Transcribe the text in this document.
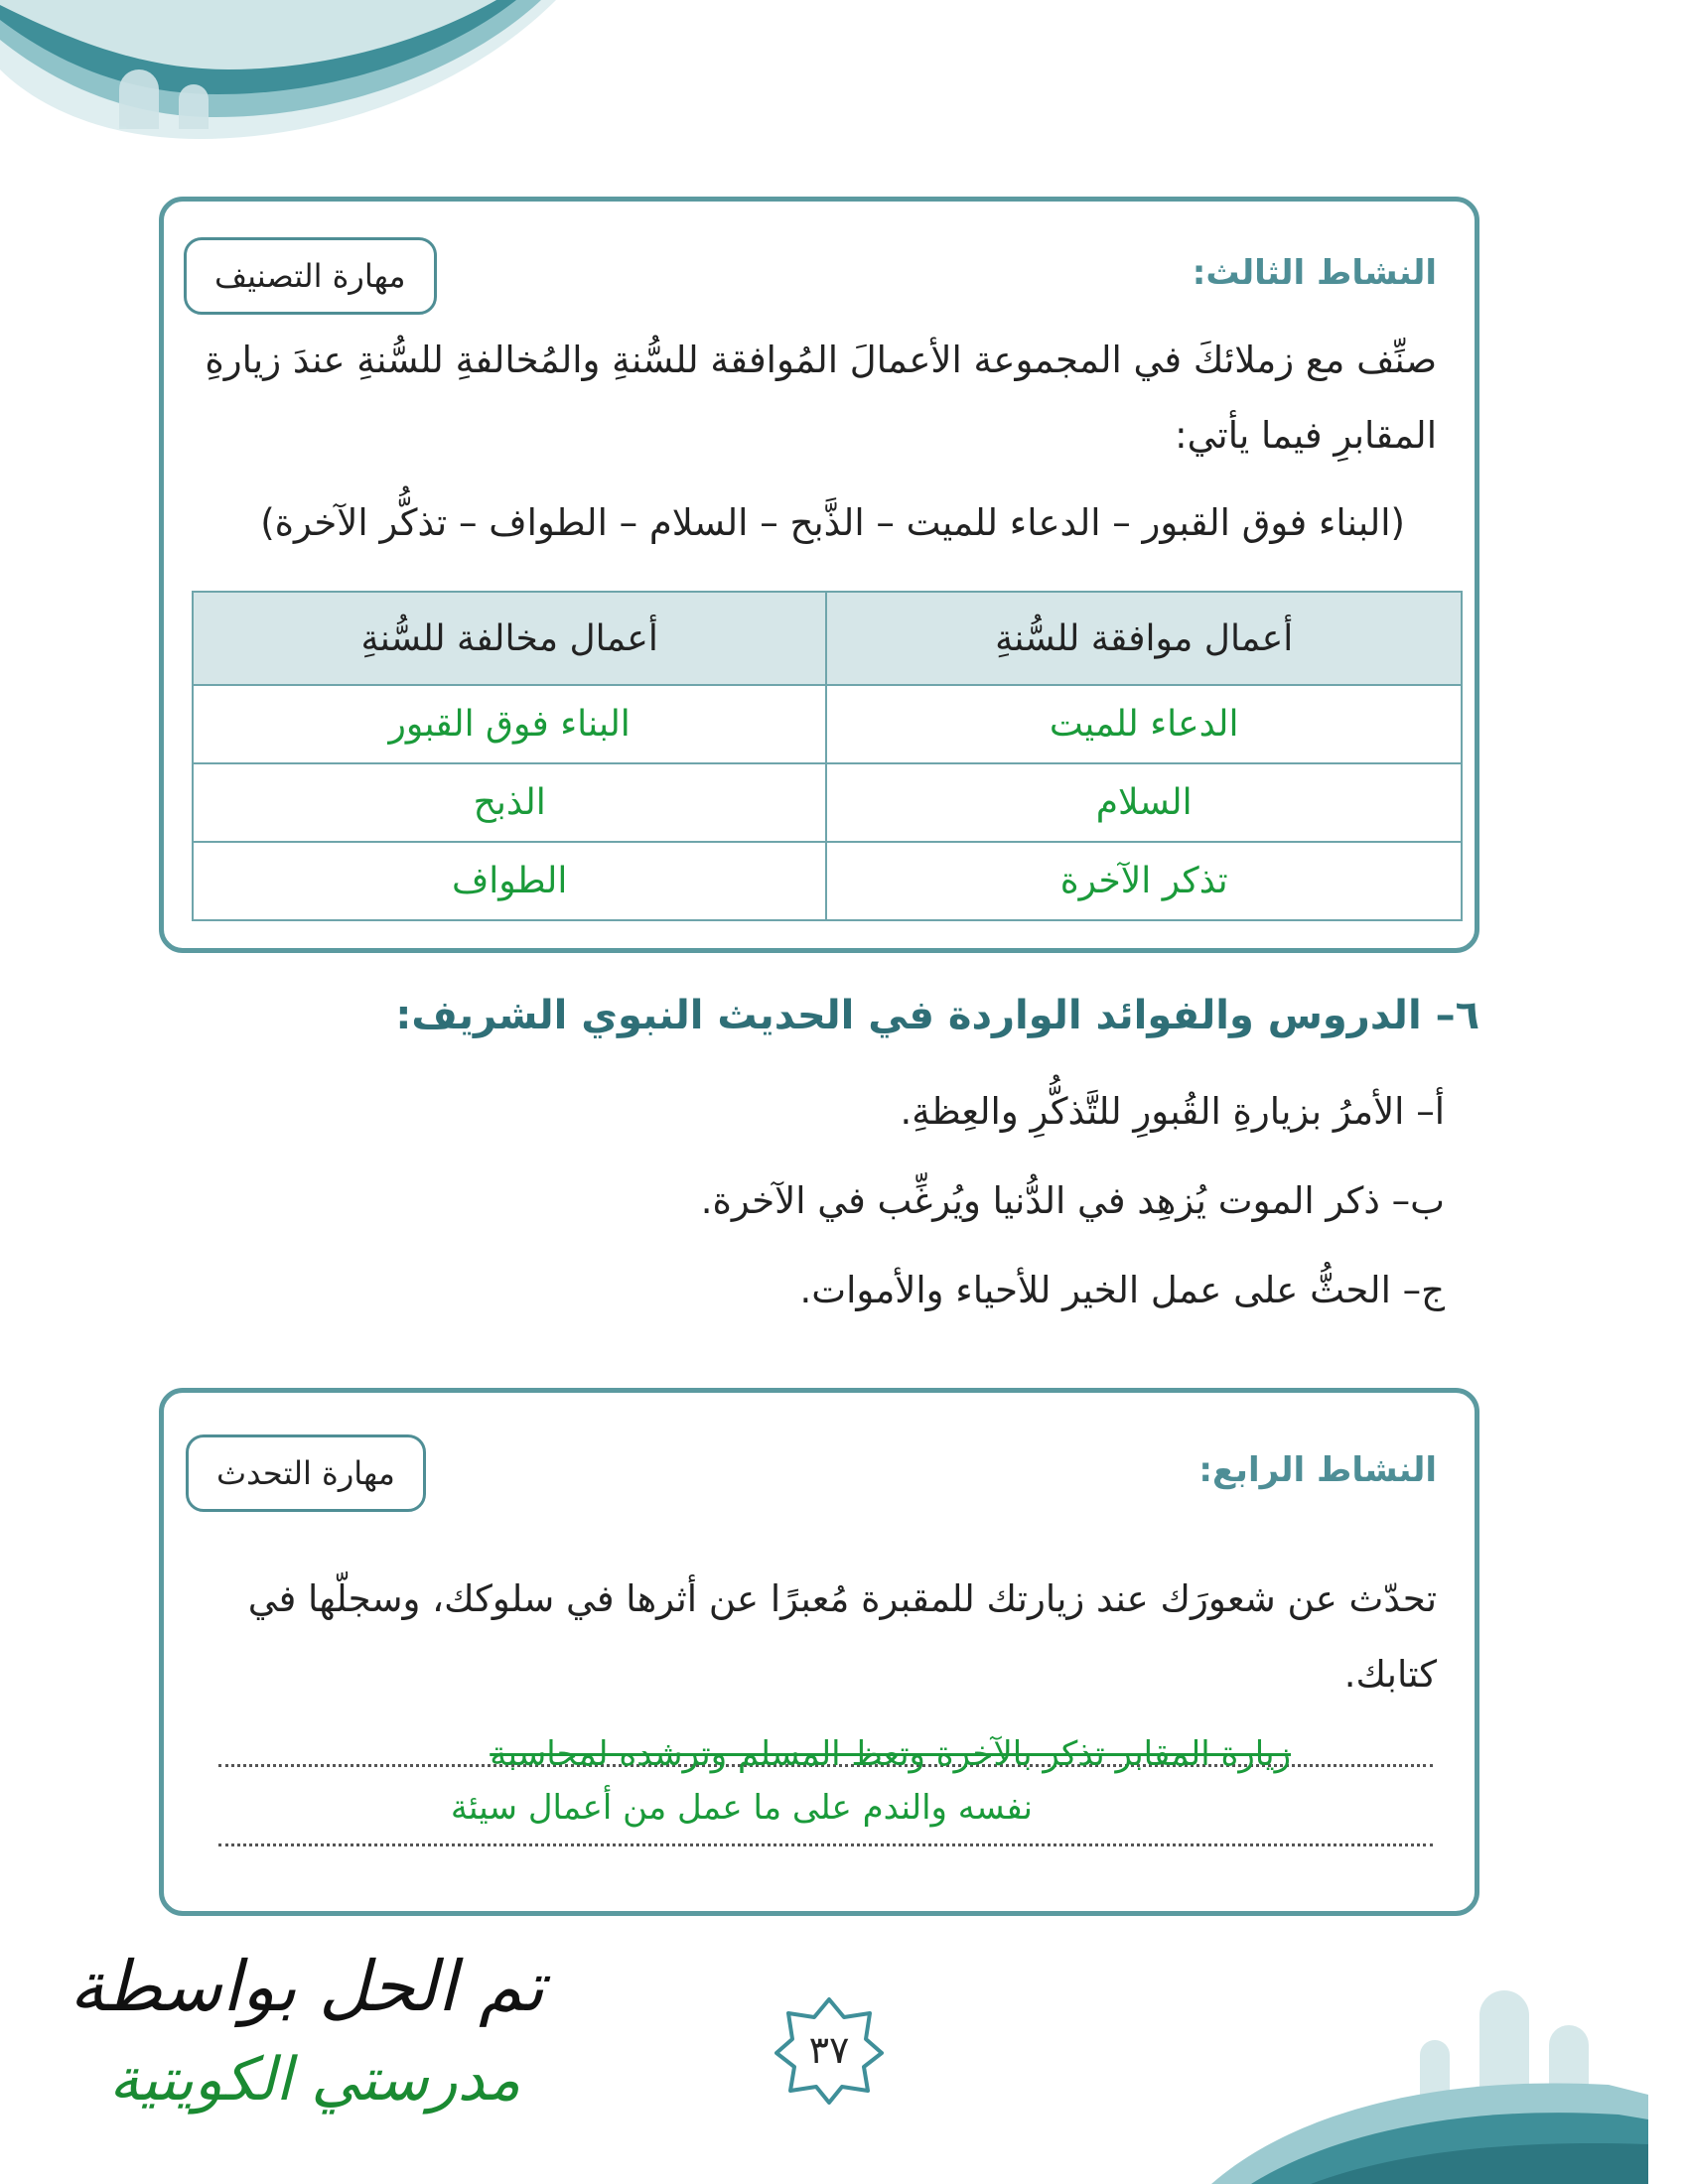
النشاط الثالث:
مهارة التصنيف
صنِّف مع زملائكَ في المجموعة الأعمالَ المُوافقة للسُّنةِ والمُخالفةِ للسُّنةِ عندَ زيارةِ
المقابرِ فيما يأتي:
(البناء فوق القبور – الدعاء للميت – الذَّبح – السلام – الطواف – تذكُّر الآخرة)
أعمال موافقة للسُّنةِ	أعمال مخالفة للسُّنةِ
الدعاء للميت	البناء فوق القبور
السلام	الذبح
تذكر الآخرة	الطواف
٦– الدروس والفوائد الواردة في الحديث النبوي الشريف:
أ– الأمرُ بزيارةِ القُبورِ للتَّذكُّرِ والعِظةِ.
ب– ذكر الموت يُزهِد في الدُّنيا ويُرغِّب في الآخرة.
ج– الحثُّ على عمل الخير للأحياء والأموات.
النشاط الرابع:
مهارة التحدث
تحدّث عن شعورَك عند زيارتك للمقبرة مُعبرًا عن أثرها في سلوكك، وسجلّها في
كتابك.
زيارة المقابر تذكر بالآخرة وتعظ المسلم وترشده لمحاسبة
نفسه والندم على ما عمل من أعمال سيئة
٣٧
تم الحل بواسطة
مدرستي الكويتية
